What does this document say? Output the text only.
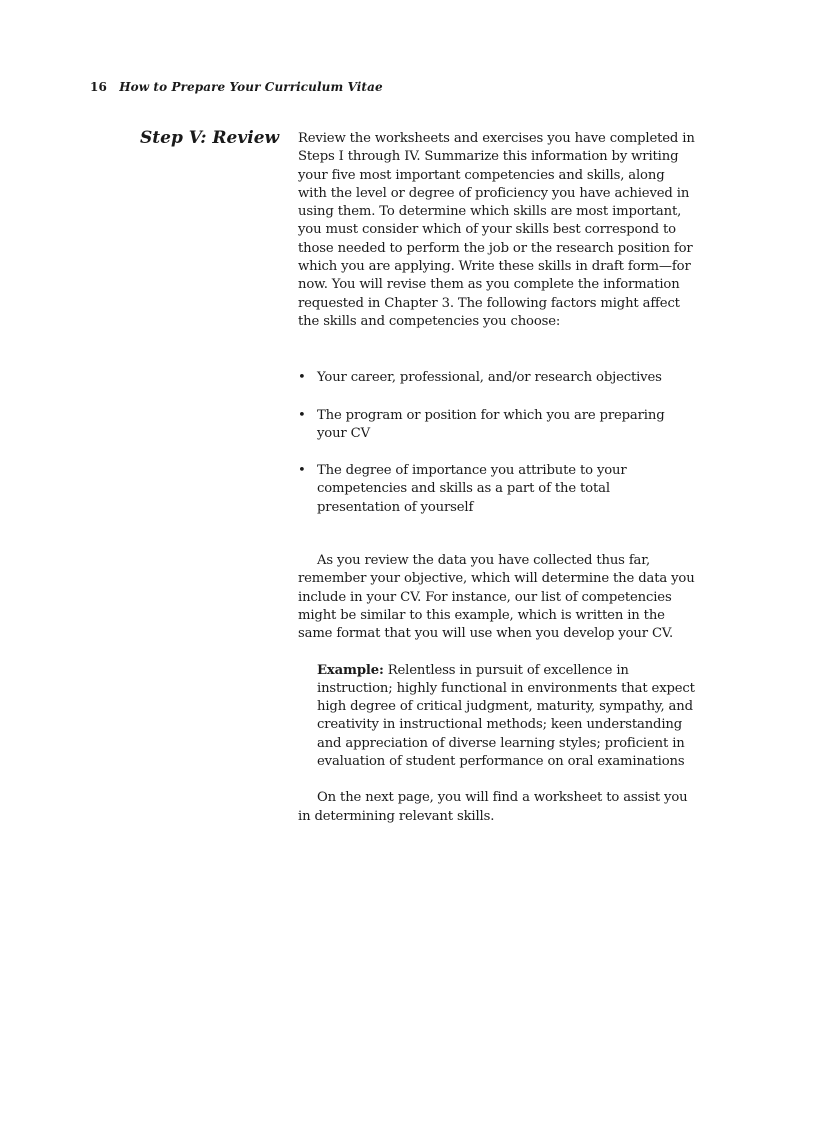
16 How to Prepare Your Curriculum Vitae
Step V: Review Review the worksheets and exercises you have completed in Steps I through IV. Summarize this information by writing your five most important competencies and skills, along with the level or degree of proficiency you have achieved in using them. To determine which skills are most important, you must consider which of your skills best correspond to those needed to perform the job or the research position for which you are applying. Write these skills in draft form—for now. You will revise them as you complete the information requested in Chapter 3. The following factors might affect the skills and competencies you choose:

• Your career, professional, and/or research objectives
• The program or position for which you are preparing your CV
• The degree of importance you attribute to your competencies and skills as a part of the total presentation of yourself

As you review the data you have collected thus far, remember your objective, which will determine the data you include in your CV. For instance, our list of competencies might be similar to this example, which is written in the same format that you will use when you develop your CV.

Example: Relentless in pursuit of excellence in instruction; highly functional in environments that expect high degree of critical judgment, maturity, sympathy, and creativity in instructional methods; keen understanding and appreciation of diverse learning styles; proficient in evaluation of student performance on oral examinations

On the next page, you will find a worksheet to assist you in determining relevant skills.
